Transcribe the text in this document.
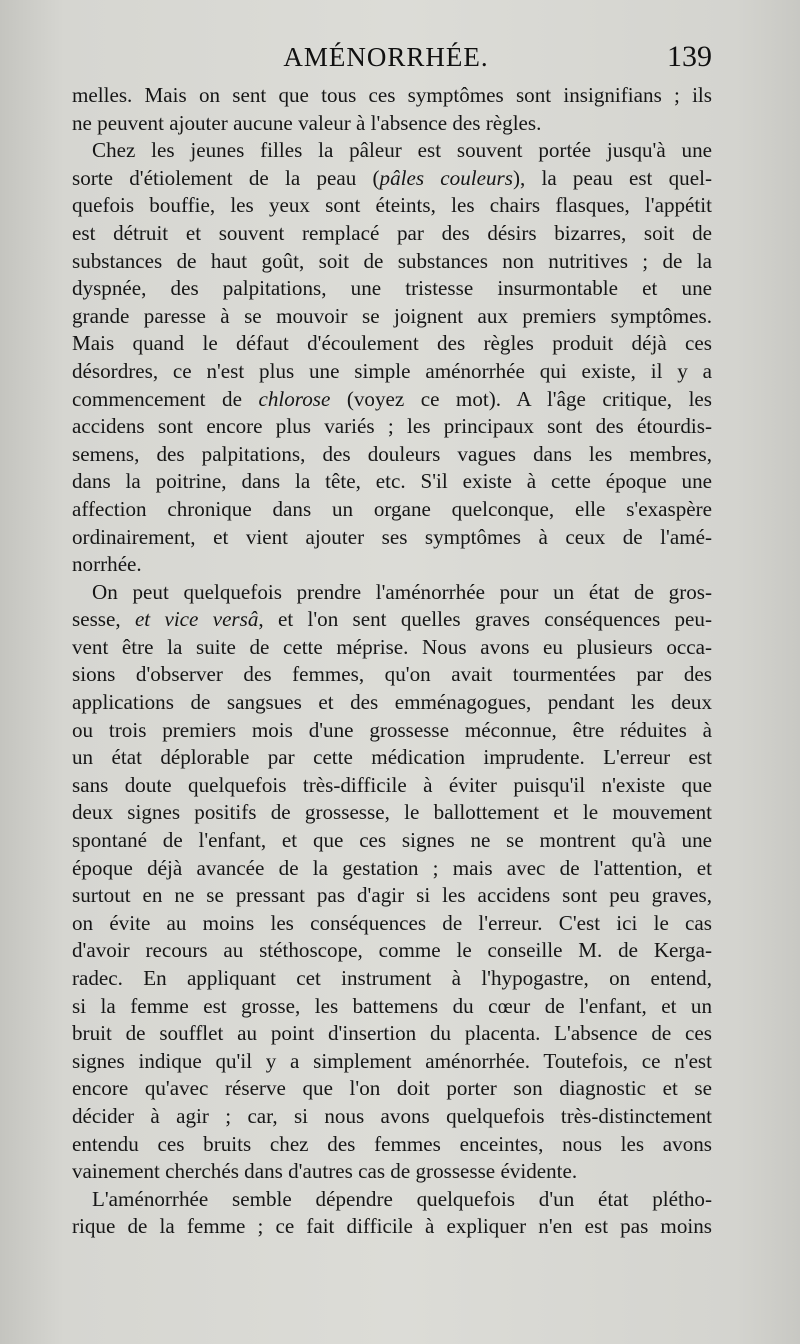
AMÉNORRHÉE.	139

melles. Mais on sent que tous ces symptômes sont insignifians ; ils
ne peuvent ajouter aucune valeur à l'absence des règles.

Chez les jeunes filles la pâleur est souvent portée jusqu'à une
sorte d'étiolement de la peau (pâles couleurs), la peau est quel-
quefois bouffie, les yeux sont éteints, les chairs flasques, l'appétit
est détruit et souvent remplacé par des désirs bizarres, soit de
substances de haut goût, soit de substances non nutritives ; de la
dyspnée, des palpitations, une tristesse insurmontable et une
grande paresse à se mouvoir se joignent aux premiers symptômes.
Mais quand le défaut d'écoulement des règles produit déjà ces
désordres, ce n'est plus une simple aménorrhée qui existe, il y a
commencement de chlorose (voyez ce mot). A l'âge critique, les
accidens sont encore plus variés ; les principaux sont des étourdis-
semens, des palpitations, des douleurs vagues dans les membres,
dans la poitrine, dans la tête, etc. S'il existe à cette époque une
affection chronique dans un organe quelconque, elle s'exaspère
ordinairement, et vient ajouter ses symptômes à ceux de l'amé-
norrhée.

On peut quelquefois prendre l'aménorrhée pour un état de gros-
sesse, et vice versâ, et l'on sent quelles graves conséquences peu-
vent être la suite de cette méprise. Nous avons eu plusieurs occa-
sions d'observer des femmes, qu'on avait tourmentées par des
applications de sangsues et des emménagogues, pendant les deux
ou trois premiers mois d'une grossesse méconnue, être réduites à
un état déplorable par cette médication imprudente. L'erreur est
sans doute quelquefois très-difficile à éviter puisqu'il n'existe que
deux signes positifs de grossesse, le ballottement et le mouvement
spontané de l'enfant, et que ces signes ne se montrent qu'à une
époque déjà avancée de la gestation ; mais avec de l'attention, et
surtout en ne se pressant pas d'agir si les accidens sont peu graves,
on évite au moins les conséquences de l'erreur. C'est ici le cas
d'avoir recours au stéthoscope, comme le conseille M. de Kerga-
radec. En appliquant cet instrument à l'hypogastre, on entend,
si la femme est grosse, les battemens du cœur de l'enfant, et un
bruit de soufflet au point d'insertion du placenta. L'absence de ces
signes indique qu'il y a simplement aménorrhée. Toutefois, ce n'est
encore qu'avec réserve que l'on doit porter son diagnostic et se
décider à agir ; car, si nous avons quelquefois très-distinctement
entendu ces bruits chez des femmes enceintes, nous les avons
vainement cherchés dans d'autres cas de grossesse évidente.

L'aménorrhée semble dépendre quelquefois d'un état plétho-
rique de la femme ; ce fait difficile à expliquer n'en est pas moins
